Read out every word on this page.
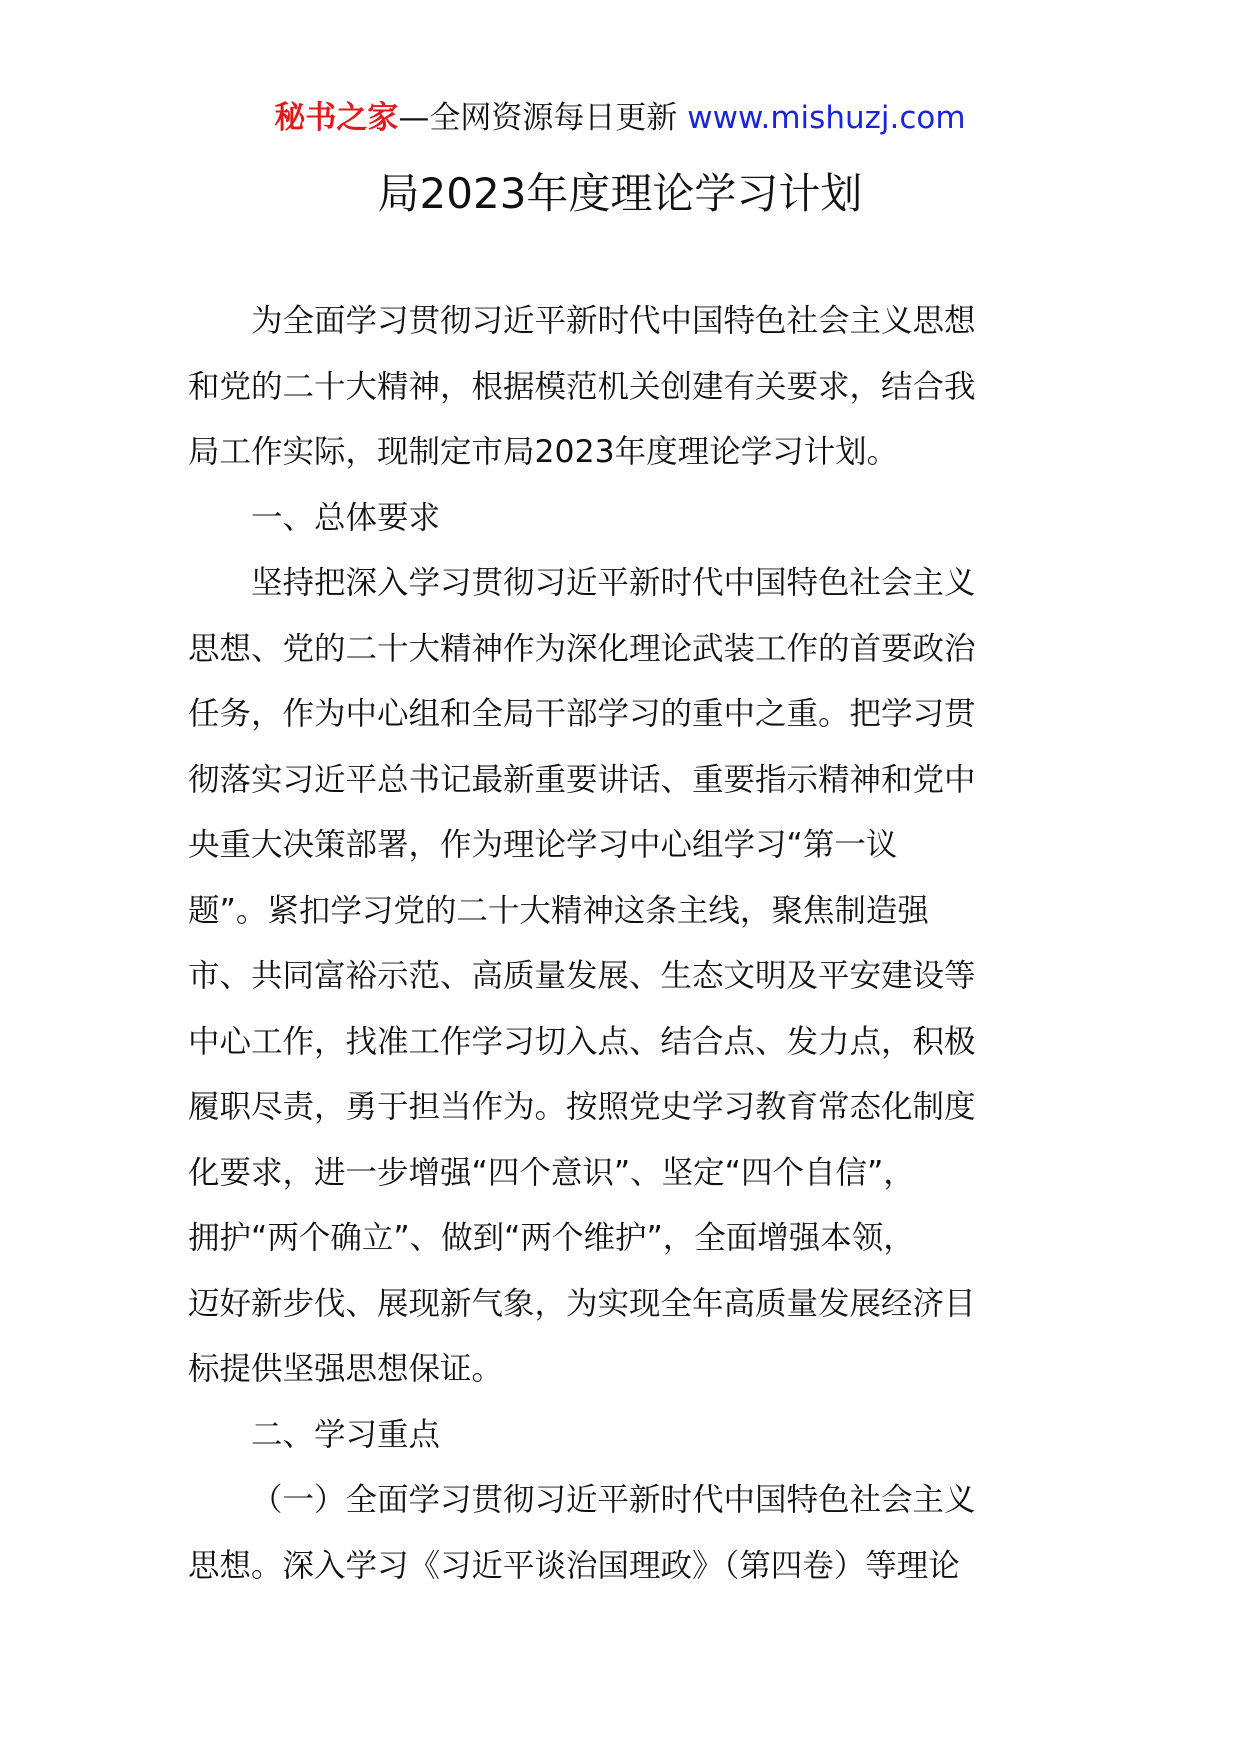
秘书之家—全网资源每日更新 www.mishuzj.com
局2023年度理论学习计划
为全面学习贯彻习近平新时代中国特色社会主义思想
和党的二十大精神，根据模范机关创建有关要求，结合我
局工作实际，现制定市局2023年度理论学习计划。
一、总体要求
坚持把深入学习贯彻习近平新时代中国特色社会主义
思想、党的二十大精神作为深化理论武装工作的首要政治
任务，作为中心组和全局干部学习的重中之重。把学习贯
彻落实习近平总书记最新重要讲话、重要指示精神和党中
央重大决策部署，作为理论学习中心组学习“第一议
题”。紧扣学习党的二十大精神这条主线，聚焦制造强
市、共同富裕示范、高质量发展、生态文明及平安建设等
中心工作，找准工作学习切入点、结合点、发力点，积极
履职尽责，勇于担当作为。按照党史学习教育常态化制度
化要求，进一步增强“四个意识”、坚定“四个自信”，
拥护“两个确立”、做到“两个维护”，全面增强本领，
迈好新步伐、展现新气象，为实现全年高质量发展经济目
标提供坚强思想保证。
二、学习重点
（一）全面学习贯彻习近平新时代中国特色社会主义
思想。深入学习《习近平谈治国理政》（第四卷）等理论
